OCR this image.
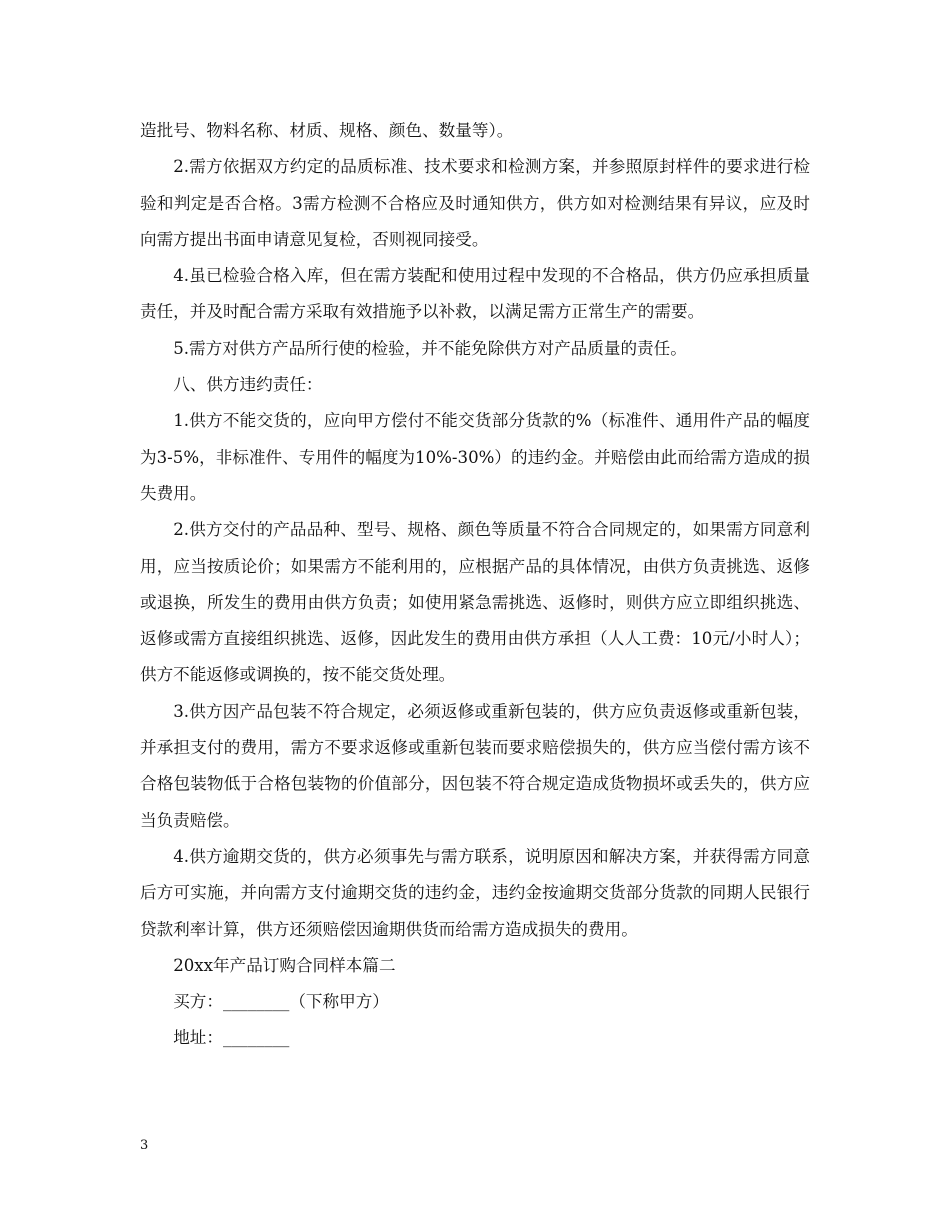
造批号、物料名称、材质、规格、颜色、数量等）。

2.需方依据双方约定的品质标准、技术要求和检测方案，并参照原封样件的要求进行检验和判定是否合格。3需方检测不合格应及时通知供方，供方如对检测结果有异议，应及时向需方提出书面申请意见复检，否则视同接受。

4.虽已检验合格入库，但在需方装配和使用过程中发现的不合格品，供方仍应承担质量责任，并及时配合需方采取有效措施予以补救，以满足需方正常生产的需要。

5.需方对供方产品所行使的检验，并不能免除供方对产品质量的责任。

八、供方违约责任：

1.供方不能交货的，应向甲方偿付不能交货部分货款的%（标准件、通用件产品的幅度为3-5%，非标准件、专用件的幅度为10%-30%）的违约金。并赔偿由此而给需方造成的损失费用。

2.供方交付的产品品种、型号、规格、颜色等质量不符合合同规定的，如果需方同意利用，应当按质论价；如果需方不能利用的，应根据产品的具体情况，由供方负责挑选、返修或退换，所发生的费用由供方负责；如使用紧急需挑选、返修时，则供方应立即组织挑选、返修或需方直接组织挑选、返修，因此发生的费用由供方承担（人人工费：10元/小时人）；供方不能返修或调换的，按不能交货处理。

3.供方因产品包装不符合规定，必须返修或重新包装的，供方应负责返修或重新包装，并承担支付的费用，需方不要求返修或重新包装而要求赔偿损失的，供方应当偿付需方该不合格包装物低于合格包装物的价值部分，因包装不符合规定造成货物损坏或丢失的，供方应当负责赔偿。

4.供方逾期交货的，供方必须事先与需方联系，说明原因和解决方案，并获得需方同意后方可实施，并向需方支付逾期交货的违约金，违约金按逾期交货部分货款的同期人民银行贷款利率计算，供方还须赔偿因逾期供货而给需方造成损失的费用。

20xx年产品订购合同样本篇二

买方：________（下称甲方）

地址：________

3
